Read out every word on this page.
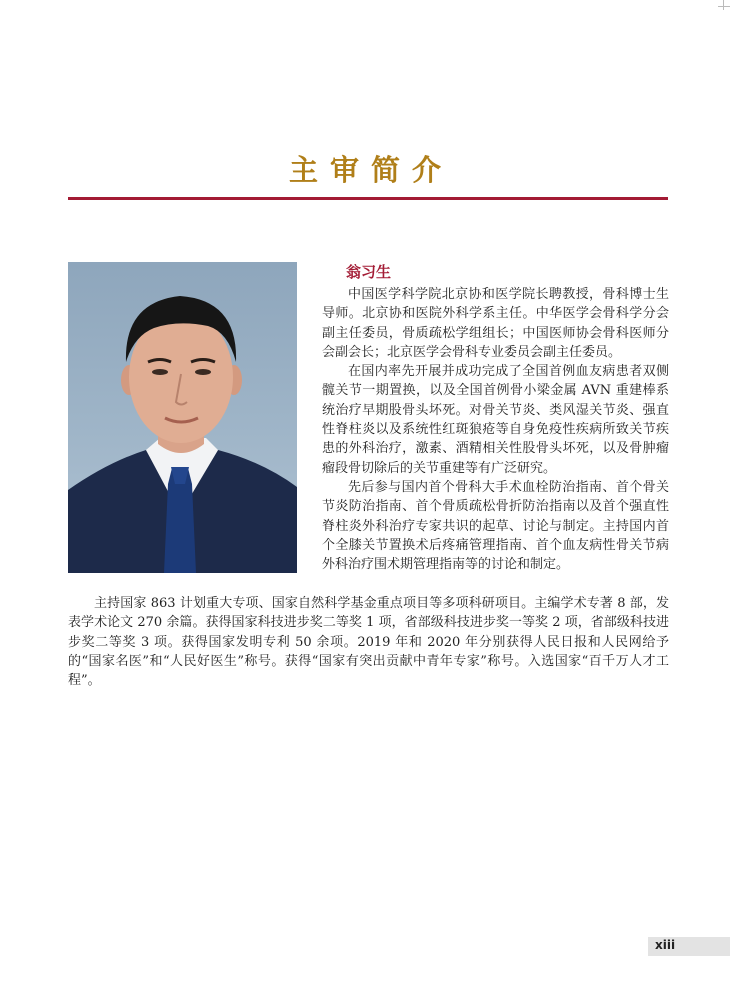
主审简介
翁习生

中国医学科学院北京协和医学院长聘教授，骨科博士生导师。北京协和医院外科学系主任。中华医学会骨科学分会副主任委员，骨质疏松学组组长；中国医师协会骨科医师分会副会长；北京医学会骨科专业委员会副主任委员。

在国内率先开展并成功完成了全国首例血友病患者双侧髋关节一期置换，以及全国首例骨小梁金属 AVN 重建棒系统治疗早期股骨头坏死。对骨关节炎、类风湿关节炎、强直性脊柱炎以及系统性红斑狼疮等自身免疫性疾病所致关节疾患的外科治疗，激素、酒精相关性股骨头坏死，以及骨肿瘤瘤段骨切除后的关节重建等有广泛研究。

先后参与国内首个骨科大手术血栓防治指南、首个骨关节炎防治指南、首个骨质疏松骨折防治指南以及首个强直性脊柱炎外科治疗专家共识的起草、讨论与制定。主持国内首个全膝关节置换术后疼痛管理指南、首个血友病性骨关节病外科治疗围术期管理指南等的讨论和制定。

主持国家 863 计划重大专项、国家自然科学基金重点项目等多项科研项目。主编学术专著 8 部，发表学术论文 270 余篇。获得国家科技进步奖二等奖 1 项，省部级科技进步奖一等奖 2 项，省部级科技进步奖二等奖 3 项。获得国家发明专利 50 余项。2019 年和 2020 年分别获得人民日报和人民网给予的“国家名医”和“人民好医生”称号。获得“国家有突出贡献中青年专家”称号。入选国家“百千万人才工程”。

xiii
